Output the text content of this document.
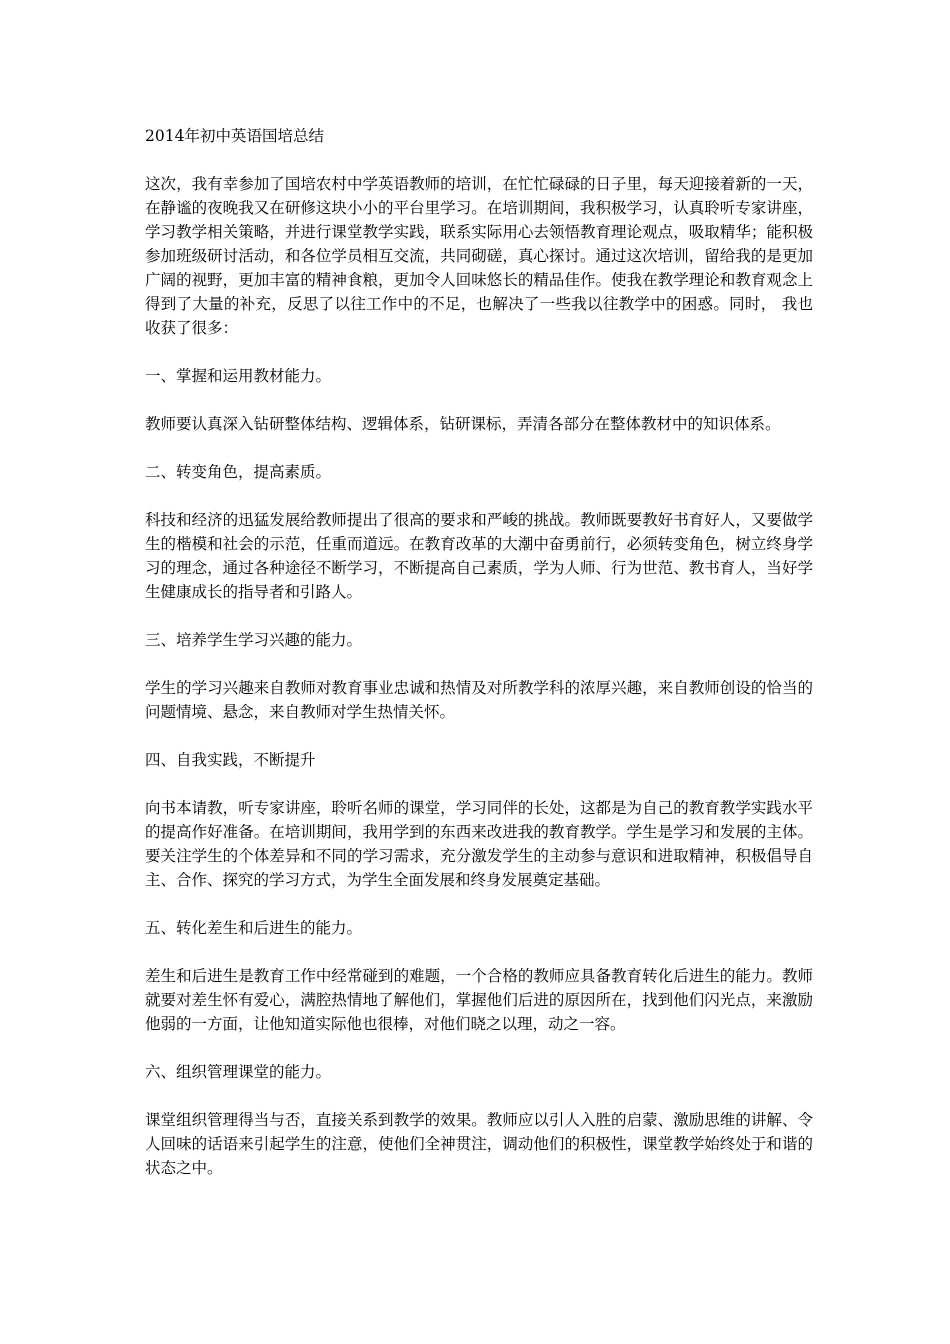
2014年初中英语国培总结

这次，我有幸参加了国培农村中学英语教师的培训，在忙忙碌碌的日子里，每天迎接着新的一天，在静谧的夜晚我又在研修这块小小的平台里学习。在培训期间，我积极学习，认真聆听专家讲座，学习教学相关策略，并进行课堂教学实践，联系实际用心去领悟教育理论观点，吸取精华；能积极参加班级研讨活动，和各位学员相互交流，共同砌磋，真心探讨。通过这次培训，留给我的是更加广阔的视野，更加丰富的精神食粮，更加令人回味悠长的精品佳作。使我在教学理论和教育观念上得到了大量的补充，反思了以往工作中的不足，也解决了一些我以往教学中的困惑。同时， 我也收获了很多：

一、掌握和运用教材能力。

教师要认真深入钻研整体结构、逻辑体系，钻研课标，弄清各部分在整体教材中的知识体系。

二、转变角色，提高素质。

科技和经济的迅猛发展给教师提出了很高的要求和严峻的挑战。教师既要教好书育好人，又要做学生的楷模和社会的示范，任重而道远。在教育改革的大潮中奋勇前行，必须转变角色，树立终身学习的理念，通过各种途径不断学习，不断提高自己素质，学为人师、行为世范、教书育人，当好学生健康成长的指导者和引路人。

三、培养学生学习兴趣的能力。

学生的学习兴趣来自教师对教育事业忠诚和热情及对所教学科的浓厚兴趣，来自教师创设的恰当的问题情境、悬念，来自教师对学生热情关怀。

四、自我实践，不断提升

向书本请教，听专家讲座，聆听名师的课堂，学习同伴的长处，这都是为自己的教育教学实践水平的提高作好准备。在培训期间，我用学到的东西来改进我的教育教学。学生是学习和发展的主体。要关注学生的个体差异和不同的学习需求，充分激发学生的主动参与意识和进取精神，积极倡导自主、合作、探究的学习方式，为学生全面发展和终身发展奠定基础。

五、转化差生和后进生的能力。

差生和后进生是教育工作中经常碰到的难题，一个合格的教师应具备教育转化后进生的能力。教师就要对差生怀有爱心，满腔热情地了解他们，掌握他们后进的原因所在，找到他们闪光点，来激励他弱的一方面，让他知道实际他也很棒，对他们晓之以理，动之一容。

六、组织管理课堂的能力。

课堂组织管理得当与否，直接关系到教学的效果。教师应以引人入胜的启蒙、激励思维的讲解、令人回味的话语来引起学生的注意，使他们全神贯注，调动他们的积极性，课堂教学始终处于和谐的状态之中。
